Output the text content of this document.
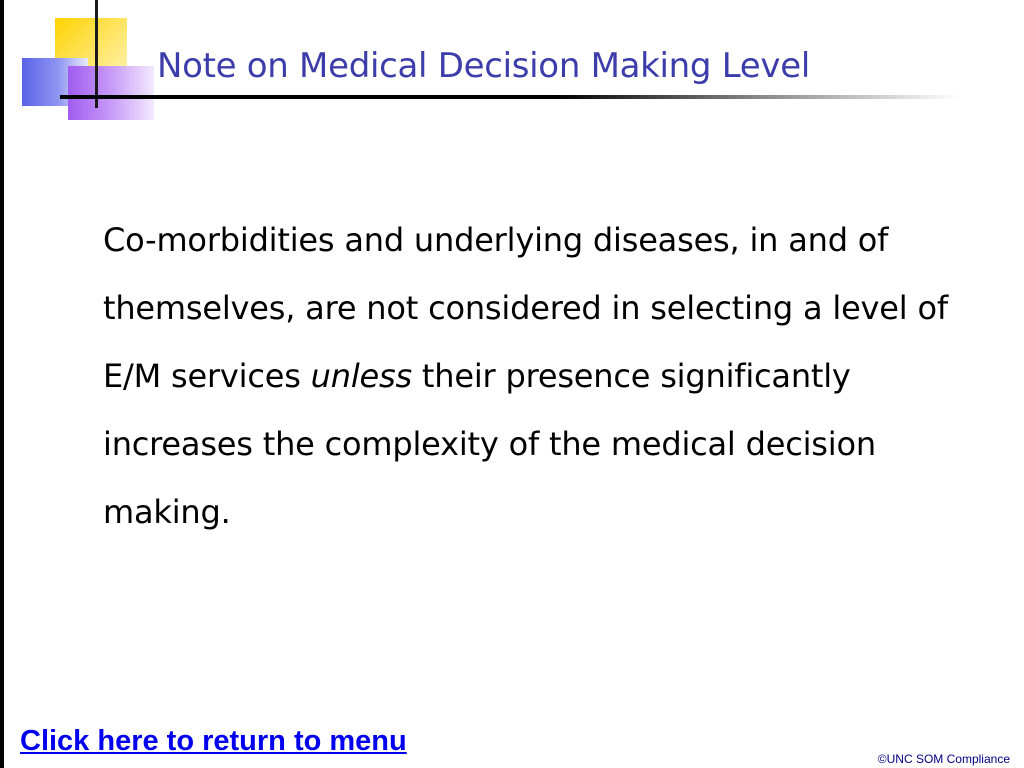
Note on Medical Decision Making Level

Co-morbidities and underlying diseases, in and of themselves, are not considered in selecting a level of E/M services unless their presence significantly increases the complexity of the medical decision making.

Click here to return to menu
©UNC SOM Compliance
